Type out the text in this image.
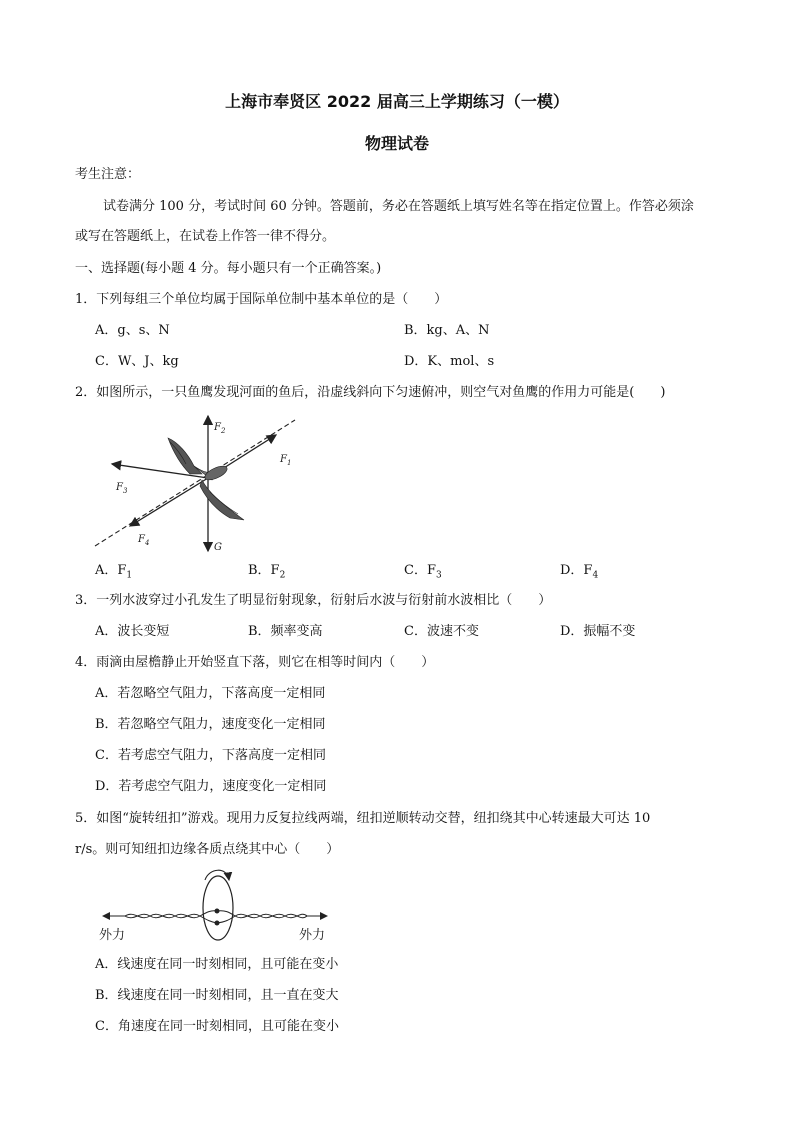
上海市奉贤区 2022 届高三上学期练习（一模）
物理试卷
考生注意：
试卷满分 100 分，考试时间 60 分钟。答题前，务必在答题纸上填写姓名等在指定位置上。作答必须涂
或写在答题纸上，在试卷上作答一律不得分。
一、选择题(每小题 4 分。每小题只有一个正确答案。)
1．下列每组三个单位均属于国际单位制中基本单位的是（　　）
A．g、s、N	B．kg、A、N
C．W、J、kg	D．K、mol、s
2．如图所示，一只鱼鹰发现河面的鱼后，沿虚线斜向下匀速俯冲，则空气对鱼鹰的作用力可能是(　　)
$F_1$
$F_2$
$F_3$
$F_4$	G
A．$F_1$	B．$F_2$	C．$F_3$	D．$F_4$
3．一列水波穿过小孔发生了明显衍射现象，衍射后水波与衍射前水波相比（　　）
A．波长变短	B．频率变高	C．波速不变	D．振幅不变
4．雨滴由屋檐静止开始竖直下落，则它在相等时间内（　　）
A．若忽略空气阻力，下落高度一定相同
B．若忽略空气阻力，速度变化一定相同
C．若考虑空气阻力，下落高度一定相同
D．若考虑空气阻力，速度变化一定相同
5．如图“旋转纽扣”游戏。现用力反复拉线两端，纽扣逆顺转动交替，纽扣绕其中心转速最大可达 10
r/s。则可知纽扣边缘各质点绕其中心（　　）
外力	外力
A．线速度在同一时刻相同，且可能在变小
B．线速度在同一时刻相同，且一直在变大
C．角速度在同一时刻相同，且可能在变小
